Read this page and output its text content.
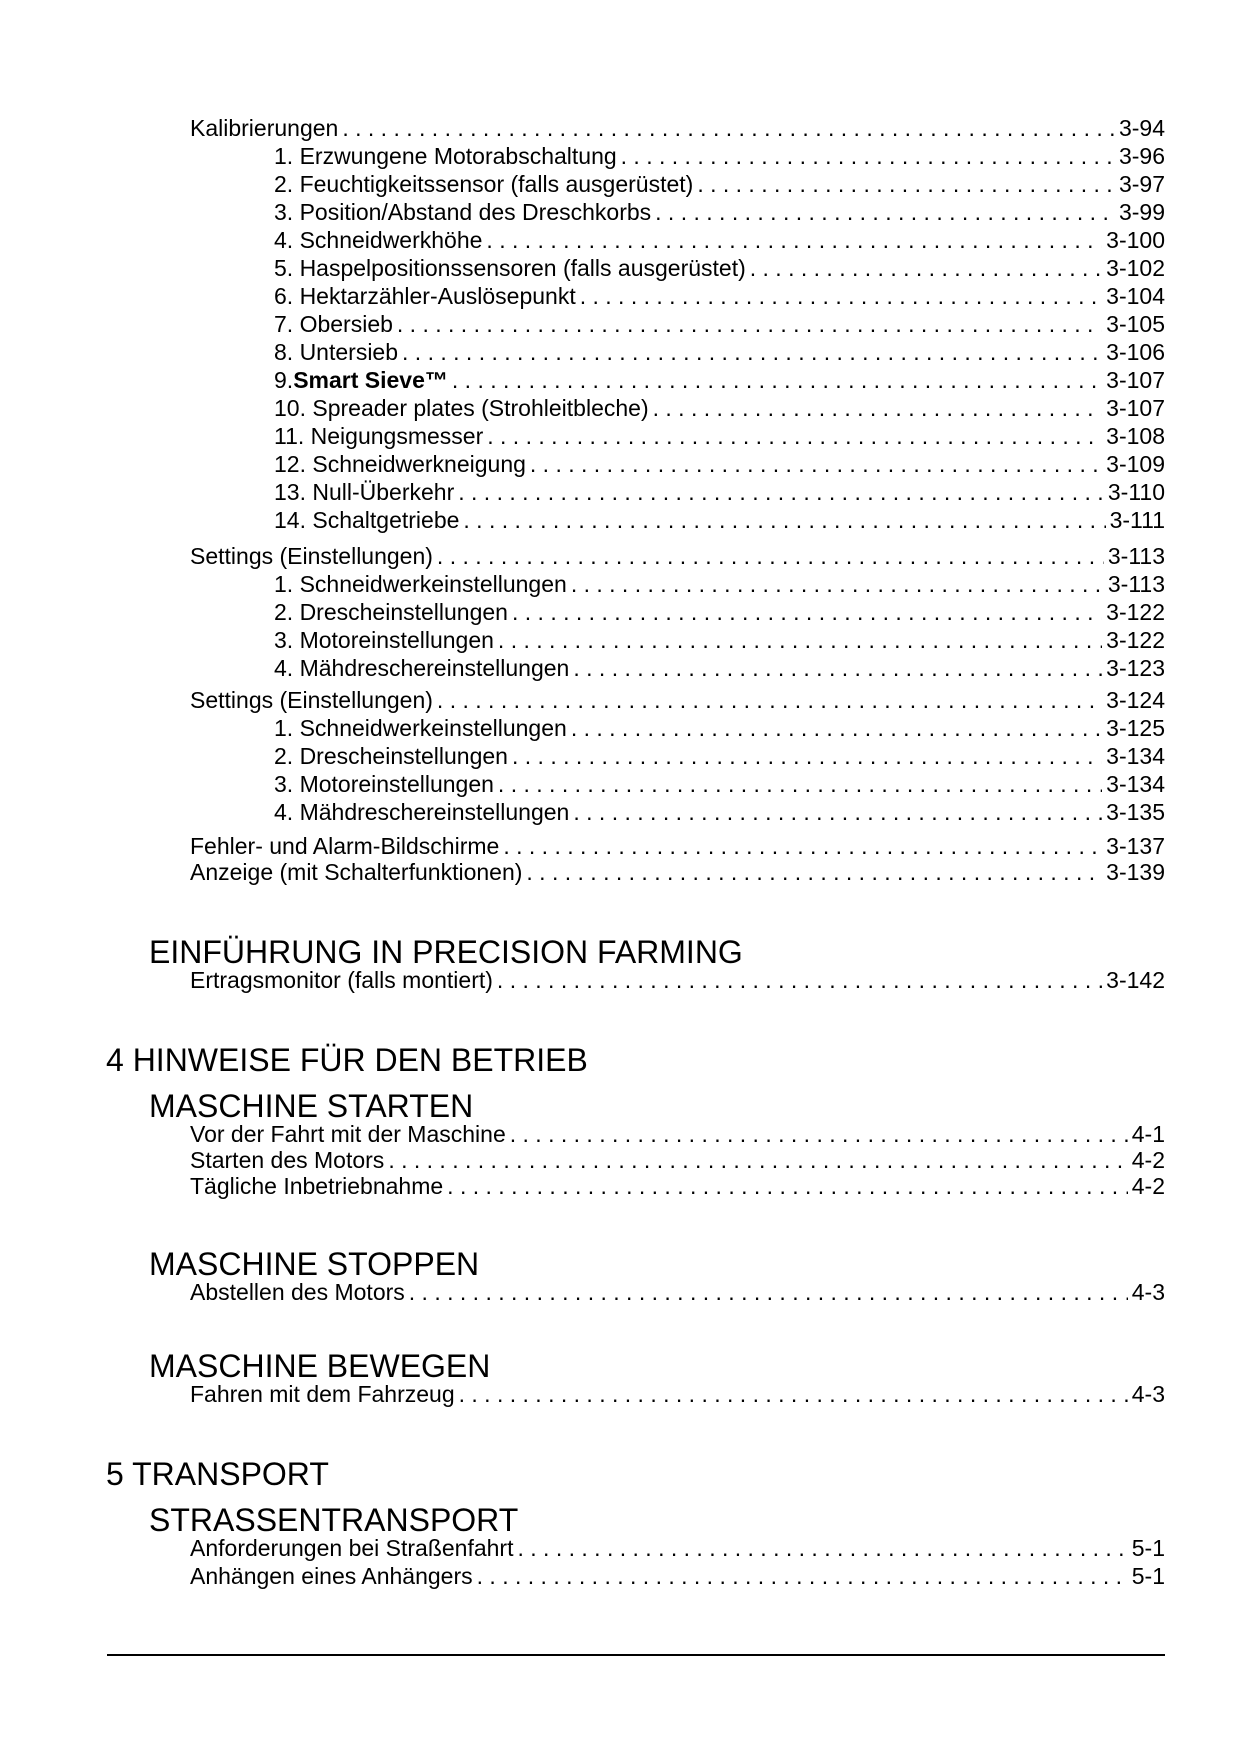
Kalibrierungen . . .	3-94
1. Erzwungene Motorabschaltung . . .	3-96
2. Feuchtigkeitssensor (falls ausgerüstet) . . .	3-97
3. Position/Abstand des Dreschkorbs . . .	3-99
4. Schneidwerkhöhe . . .	3-100
5. Haspelpositionssensoren (falls ausgerüstet) . . .	3-102
6. Hektarzähler-Auslösepunkt . . .	3-104
7. Obersieb . . .	3-105
8. Untersieb . . .	3-106
9.Smart Sieve™ . . .	3-107
10. Spreader plates (Strohleitbleche) . . .	3-107
11. Neigungsmesser . . .	3-108
12. Schneidwerkneigung . . .	3-109
13. Null-Überkehr . . .	3-110
14. Schaltgetriebe . . .	3-111
Settings (Einstellungen) . . .	3-113
1. Schneidwerkeinstellungen . . .	3-113
2. Drescheinstellungen . . .	3-122
3. Motoreinstellungen . . .	3-122
4. Mähdreschereinstellungen . . .	3-123
Settings (Einstellungen) . . .	3-124
1. Schneidwerkeinstellungen . . .	3-125
2. Drescheinstellungen . . .	3-134
3. Motoreinstellungen . . .	3-134
4. Mähdreschereinstellungen . . .	3-135
Fehler- und Alarm-Bildschirme . . .	3-137
Anzeige (mit Schalterfunktionen) . . .	3-139
EINFÜHRUNG IN PRECISION FARMING
Ertragsmonitor (falls montiert) . . .	3-142
4 HINWEISE FÜR DEN BETRIEB
MASCHINE STARTEN
Vor der Fahrt mit der Maschine . . .	4-1
Starten des Motors . . .	4-2
Tägliche Inbetriebnahme . . .	4-2
MASCHINE STOPPEN
Abstellen des Motors . . .	4-3
MASCHINE BEWEGEN
Fahren mit dem Fahrzeug . . .	4-3
5 TRANSPORT
STRASSENTRANSPORT
Anforderungen bei Straßenfahrt . . .	5-1
Anhängen eines Anhängers . . .	5-1
